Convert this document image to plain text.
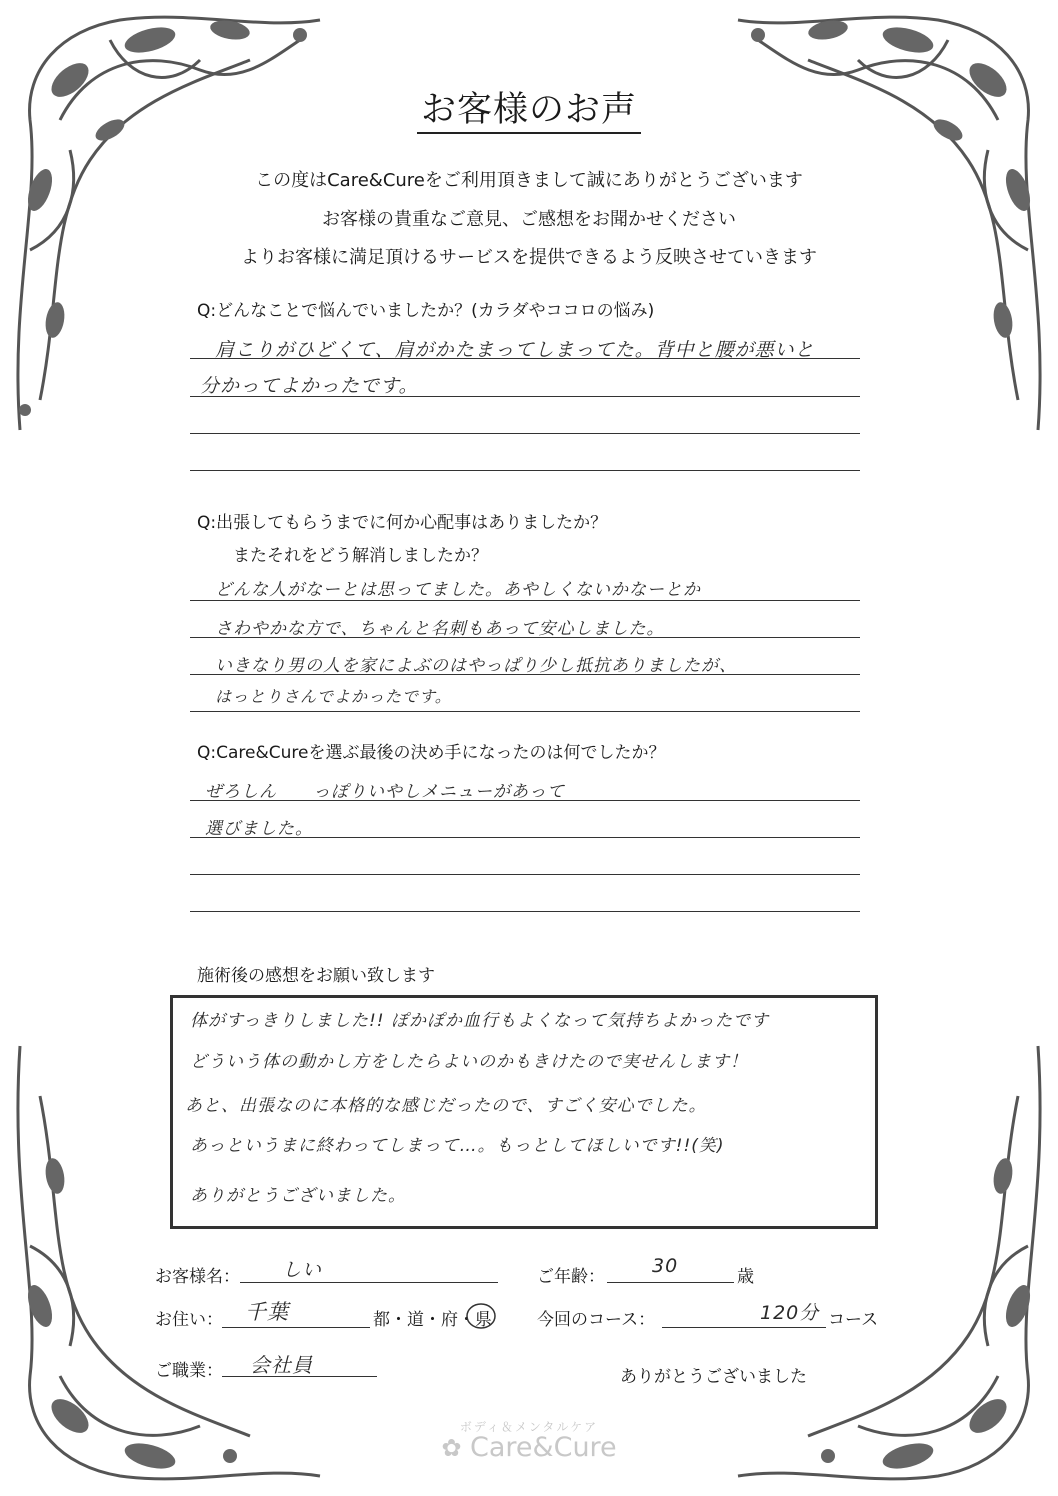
お客様のお声
この度はCare&Cureをご利用頂きまして誠にありがとうございます
お客様の貴重なご意見、ご感想をお聞かせください
よりお客様に満足頂けるサービスを提供できるよう反映させていきます
Q:どんなことで悩んでいましたか？(カラダやココロの悩み)
肩こりがひどくて、肩がかたまってしまってた。背中と腰が悪いと
分かってよかったです。
Q:出張してもらうまでに何か心配事はありましたか？
またそれをどう解消しましたか？
どんな人がなーとは思ってました。あやしくないかなーとか
さわやかな方で、ちゃんと名刺もあって安心しました。
いきなり男の人を家によぶのはやっぱり少し抵抗ありましたが、
はっとりさんでよかったです。
Q:Care&Cureを選ぶ最後の決め手になったのは何でしたか？
ぜろしん　　っぽりいやしメニューがあって
選びました。
施術後の感想をお願い致します
体がすっきりしました!! ぽかぽか血行もよくなって気持ちよかったです
どういう体の動かし方をしたらよいのかもきけたので実せんします！
あと、出張なのに本格的な感じだったので、すごく安心でした。
あっというまに終わってしまって…。もっとしてほしいです!!(笑)
ありがとうございました。
お客様名： しい	ご年齢： 30	歳
お住い： 千葉	都・道・府・県	今回のコース：	120分 コース
ご職業： 会社員	ありがとうございました
ボディ＆メンタルケア
✿ Care&Cure
